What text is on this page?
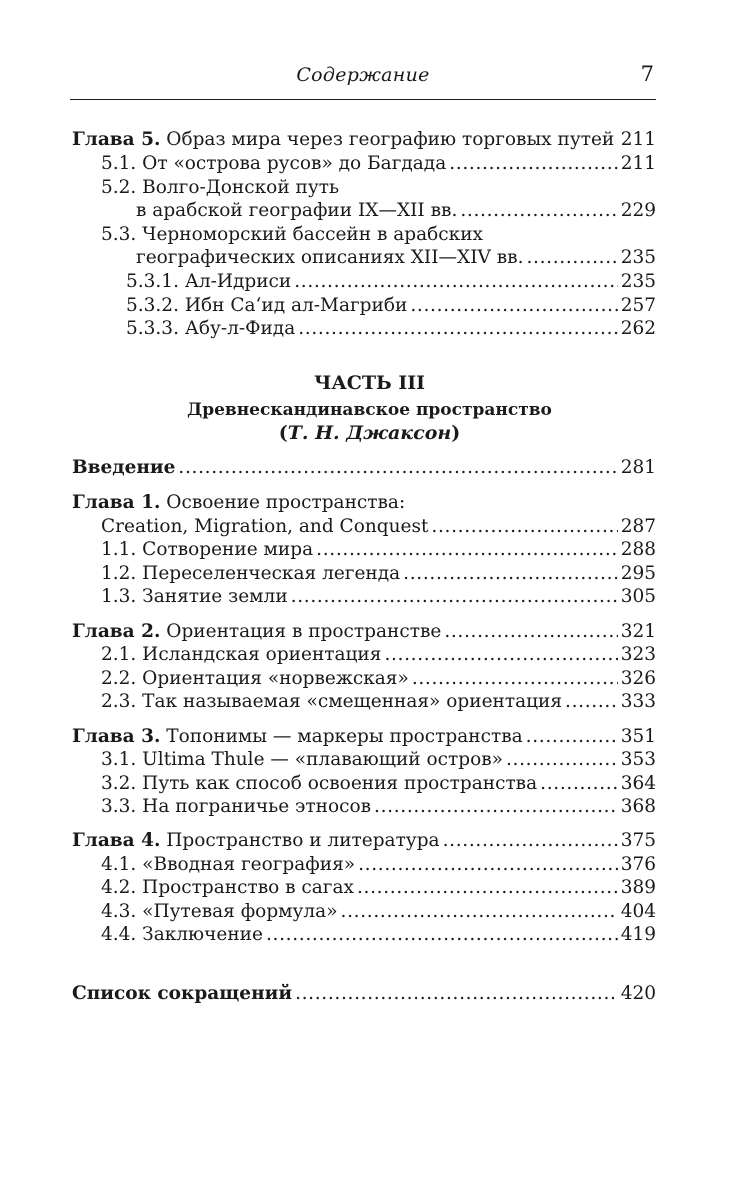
Содержание	7
Глава 5. Образ мира через географию торговых путей . . . 211
5.1. От «острова русов» до Багдада . . .	211
5.2. Волго-Донской путь
в арабской географии IX—XII вв. . . .	229
5.3. Черноморский бассейн в арабских
географических описаниях XII—XIV вв. . . .	235
5.3.1. Ал-Идриси . . .	235
5.3.2. Ибн Са‘ид ал-Магриби . . .	257
5.3.3. Абу-л-Фида . . .	262
ЧАСТЬ III
Древнескандинавское пространство
(Т. Н. Джаксон)
Введение . . .	281
Глава 1. Освоение пространства:
Creation, Migration, and Conquest . . .	287
1.1. Сотворение мира . . .	288
1.2. Переселенческая легенда . . .	295
1.3. Занятие земли . . .	305
Глава 2. Ориентация в пространстве . . .	321
2.1. Исландская ориентация . . .	323
2.2. Ориентация «норвежская» . . .	326
2.3. Так называемая «смещенная» ориентация . . .	333
Глава 3. Топонимы — маркеры пространства . . .	351
3.1. Ultima Thule — «плавающий остров» . . .	353
3.2. Путь как способ освоения пространства . . .	364
3.3. На пограничье этносов . . .	368
Глава 4. Пространство и литература . . .	375
4.1. «Вводная география» . . .	376
4.2. Пространство в сагах . . .	389
4.3. «Путевая формула» . . .	404
4.4. Заключение . . .	419
Список сокращений . . .	420
